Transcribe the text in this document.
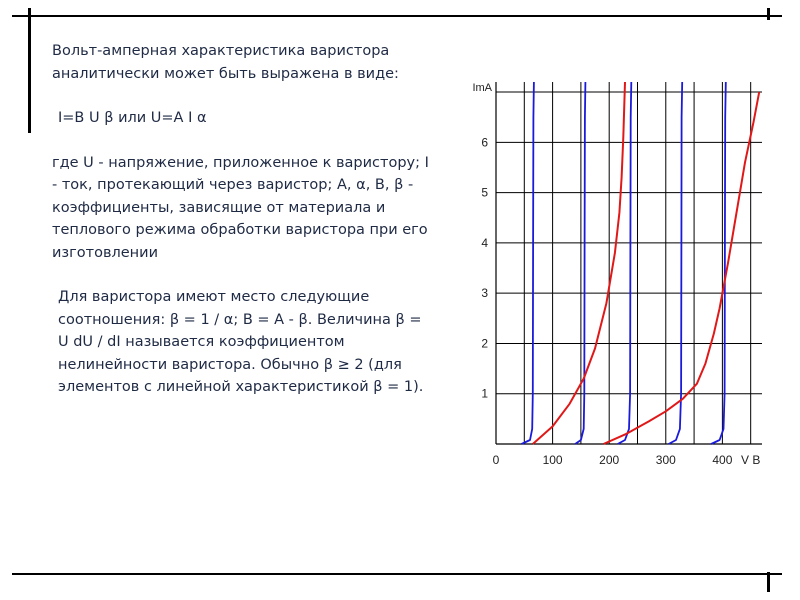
Вольт-амперная характеристика варистора аналитически может быть выражена в виде:

I=B U β или U=A I α

где U - напряжение, приложенное к варистору; I - ток, протекающий через варистор; А, α, В, β - коэффициенты, зависящие от материала и теплового режима обработки варистора при его изготовлении

Для варистора имеют место следующие соотношения: β = 1 / α; B = A - β. Величина β = U dU / dI называется коэффициентом нелинейности варистора. Обычно β ≥ 2 (для элементов с линейной характеристикой β = 1).

0	100	200	300	400 V В
1
2
3
4
5
6
ImA
